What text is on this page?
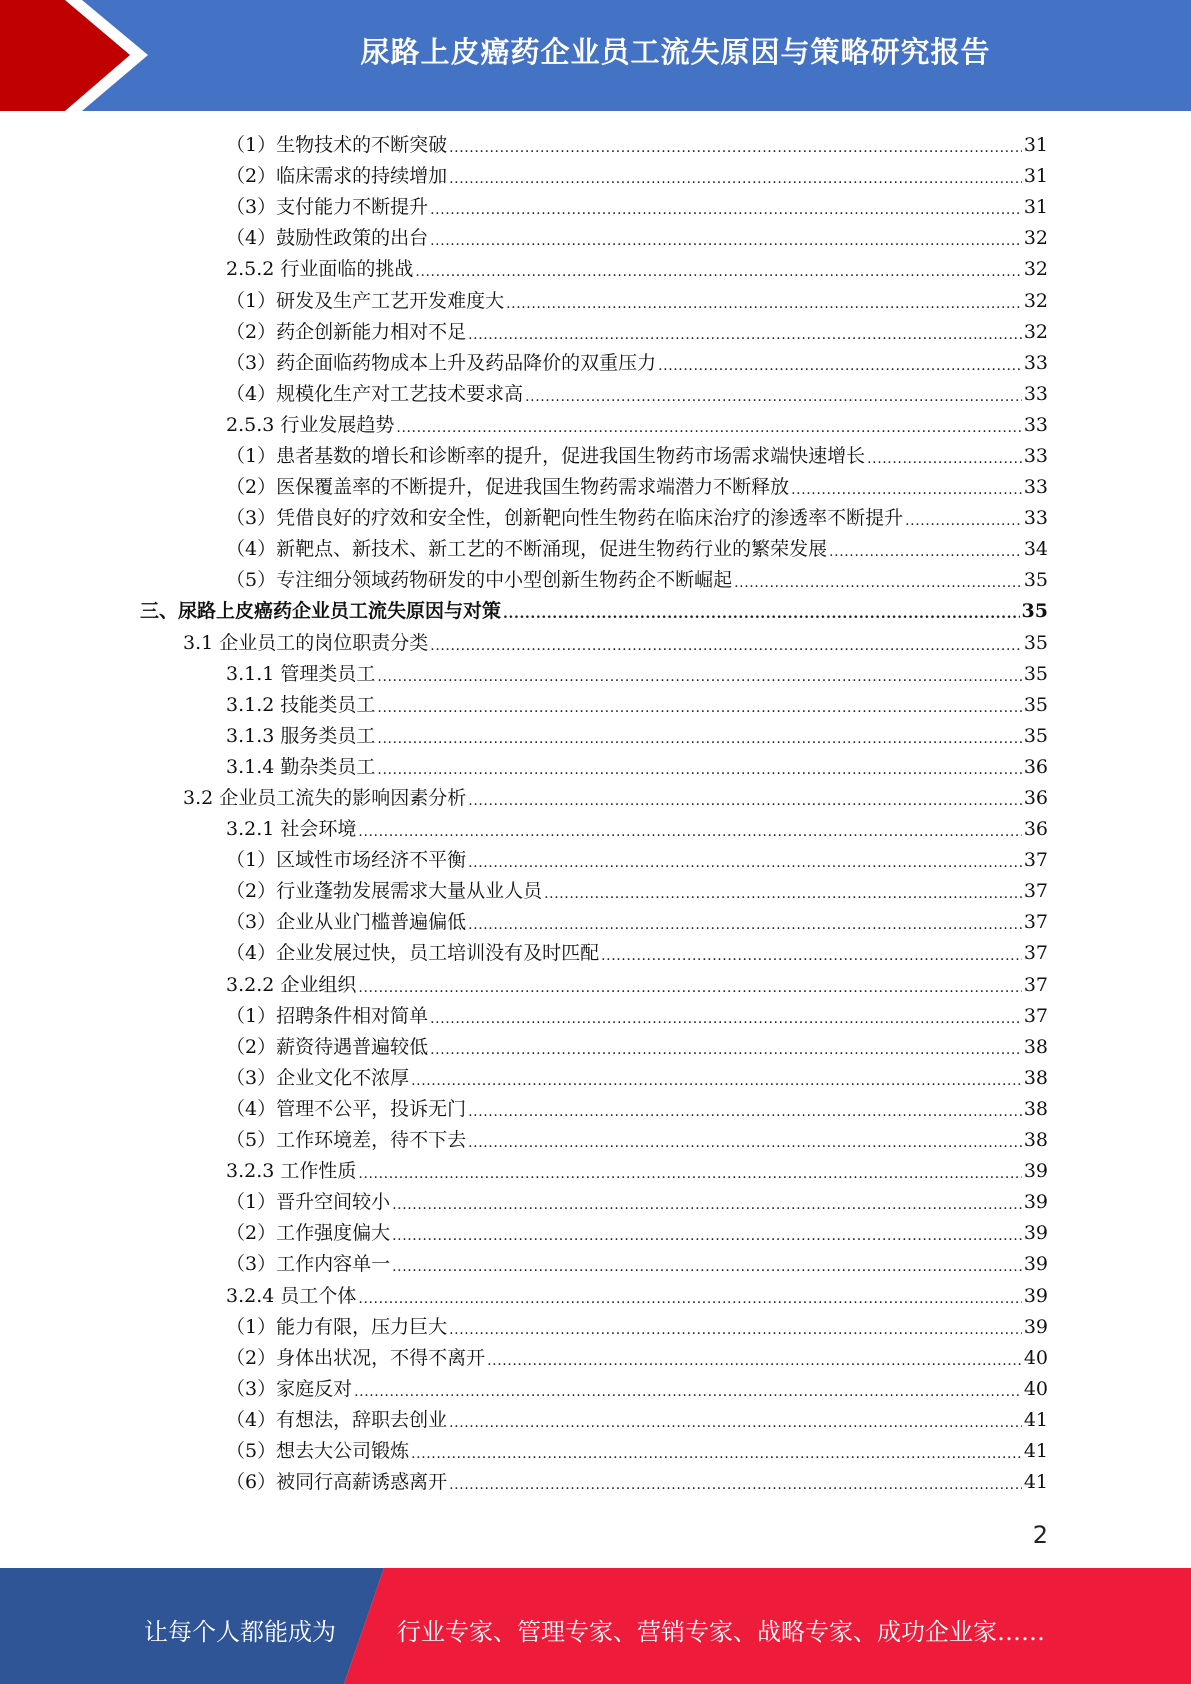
尿路上皮癌药企业员工流失原因与策略研究报告
（1）生物技术的不断突破 .....	31
（2）临床需求的持续增加 .....	31
（3）支付能力不断提升 .....	31
（4）鼓励性政策的出台 .....	32
2.5.2 行业面临的挑战 .....	32
（1）研发及生产工艺开发难度大 .....	32
（2）药企创新能力相对不足 .....	32
（3）药企面临药物成本上升及药品降价的双重压力 .....	33
（4）规模化生产对工艺技术要求高 .....	33
2.5.3 行业发展趋势 .....	33
（1）患者基数的增长和诊断率的提升，促进我国生物药市场需求端快速增长 .....	33
（2）医保覆盖率的不断提升，促进我国生物药需求端潜力不断释放 .....	33
（3）凭借良好的疗效和安全性，创新靶向性生物药在临床治疗的渗透率不断提升 .....	33
（4）新靶点、新技术、新工艺的不断涌现，促进生物药行业的繁荣发展 .....	34
（5）专注细分领域药物研发的中小型创新生物药企不断崛起 .....	35
三、尿路上皮癌药企业员工流失原因与对策 .....	35
3.1 企业员工的岗位职责分类 .....	35
3.1.1 管理类员工 .....	35
3.1.2 技能类员工 .....	35
3.1.3 服务类员工 .....	35
3.1.4 勤杂类员工 .....	36
3.2 企业员工流失的影响因素分析 .....	36
3.2.1 社会环境 .....	36
（1）区域性市场经济不平衡 .....	37
（2）行业蓬勃发展需求大量从业人员 .....	37
（3）企业从业门槛普遍偏低 .....	37
（4）企业发展过快，员工培训没有及时匹配 .....	37
3.2.2 企业组织 .....	37
（1）招聘条件相对简单 .....	37
（2）薪资待遇普遍较低 .....	38
（3）企业文化不浓厚 .....	38
（4）管理不公平，投诉无门 .....	38
（5）工作环境差，待不下去 .....	38
3.2.3 工作性质 .....	39
（1）晋升空间较小 .....	39
（2）工作强度偏大 .....	39
（3）工作内容单一 .....	39
3.2.4 员工个体 .....	39
（1）能力有限，压力巨大 .....	39
（2）身体出状况，不得不离开 .....	40
（3）家庭反对 .....	40
（4）有想法，辞职去创业 .....	41
（5）想去大公司锻炼 .....	41
（6）被同行高薪诱惑离开 .....	41
2
让每个人都能成为	行业专家、管理专家、营销专家、战略专家、成功企业家……
